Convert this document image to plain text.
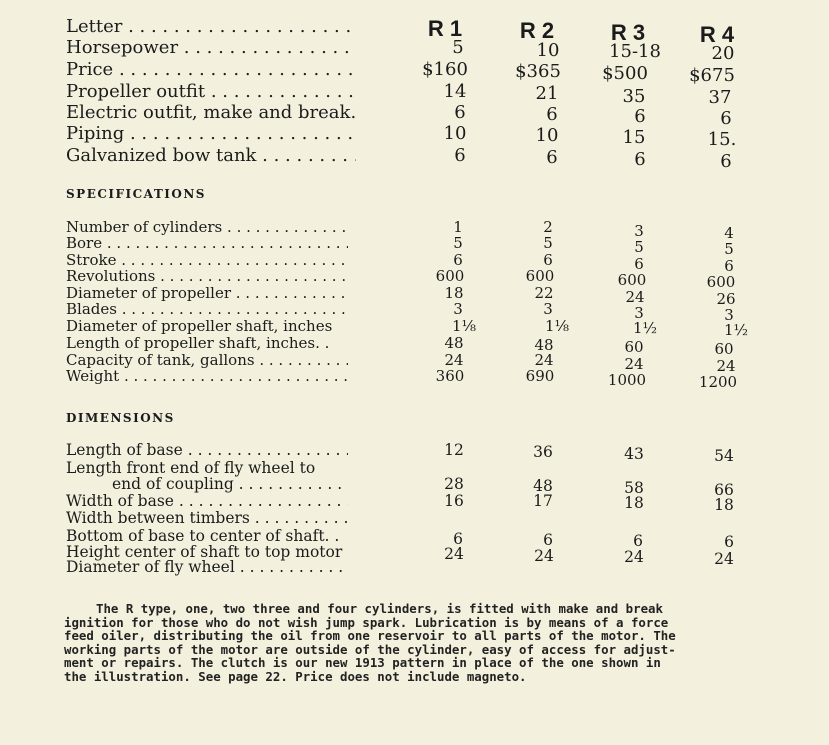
R 1	R 2	R 3	R 4
Letter . . .
Horsepower . . .	5	10	15-18	20
Price . . .	$160	$365	$500	$675
Propeller outfit . . .	14	21	35	37
Electric outfit, make and break.	6	6	6	6
Piping . . .	10	10	15	15.
Galvanized bow tank . . .	6	6	6	6
SPECIFICATIONS
Number of cylinders . . .	1	2	3	4
Bore . . .	5	5	5	5
Stroke . . .	6	6	6	6
Revolutions . . .	600	600	600	600
Diameter of propeller . . .	18	22	24	26
Blades . . .	3	3	3	3
Diameter of propeller shaft, inches	1⅛	1⅛	1½	1½
Length of propeller shaft, inches. .	48	48	60	60
Capacity of tank, gallons . . .	24	24	24	24
Weight . . .	360	690	1000	1200
DIMENSIONS
Length of base . . .	12	36	43	54
Length front end of fly wheel to
end of coupling . . .	28	48	58	66
Width of base . . .	16	17	18	18
Width between timbers . . .
Bottom of base to center of shaft. .	6	6	6	6
Height center of shaft to top motor	24	24	24	24
Diameter of fly wheel . . .
The R type, one, two three and four cylinders, is fitted with make and break
ignition for those who do not wish jump spark. Lubrication is by means of a force
feed oiler, distributing the oil from one reservoir to all parts of the motor. The
working parts of the motor are outside of the cylinder, easy of access for adjust-
ment or repairs. The clutch is our new 1913 pattern in place of the one shown in
the illustration. See page 22. Price does not include magneto.
